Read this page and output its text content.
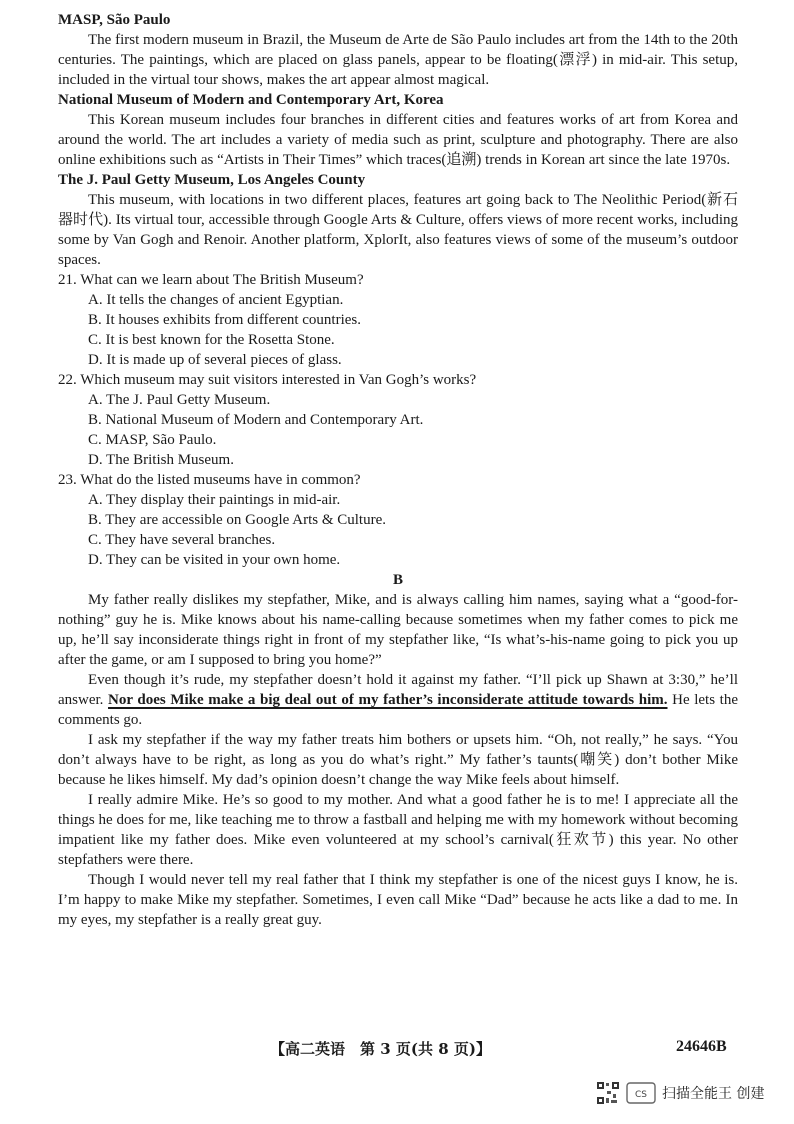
MASP, São Paulo

The first modern museum in Brazil, the Museum de Arte de São Paulo includes art from the 14th to the 20th centuries. The paintings, which are placed on glass panels, appear to be floating(漂浮) in mid-air. This setup, included in the virtual tour shows, makes the art appear almost magical.

National Museum of Modern and Contemporary Art, Korea

This Korean museum includes four branches in different cities and features works of art from Korea and around the world. The art includes a variety of media such as print, sculpture and photography. There are also online exhibitions such as “Artists in Their Times” which traces(追溯) trends in Korean art since the late 1970s.

The J. Paul Getty Museum, Los Angeles County

This museum, with locations in two different places, features art going back to The Neolithic Period(新石器时代). Its virtual tour, accessible through Google Arts & Culture, offers views of more recent works, including some by Van Gogh and Renoir. Another platform, XplorIt, also features views of some of the museum’s outdoor spaces.

21. What can we learn about The British Museum?

A. It tells the changes of ancient Egyptian.

B. It houses exhibits from different countries.

C. It is best known for the Rosetta Stone.

D. It is made up of several pieces of glass.

22. Which museum may suit visitors interested in Van Gogh’s works?

A. The J. Paul Getty Museum.

B. National Museum of Modern and Contemporary Art.

C. MASP, São Paulo.

D. The British Museum.

23. What do the listed museums have in common?

A. They display their paintings in mid-air.

B. They are accessible on Google Arts & Culture.

C. They have several branches.

D. They can be visited in your own home.

B

My father really dislikes my stepfather, Mike, and is always calling him names, saying what a “good-for-nothing” guy he is. Mike knows about his name-calling because sometimes when my father comes to pick me up, he’ll say inconsiderate things right in front of my stepfather like, “Is what’s-his-name going to pick you up after the game, or am I supposed to bring you home?”

Even though it’s rude, my stepfather doesn’t hold it against my father. “I’ll pick up Shawn at 3:30,” he’ll answer. Nor does Mike make a big deal out of my father’s inconsiderate attitude towards him. He lets the comments go.

I ask my stepfather if the way my father treats him bothers or upsets him. “Oh, not really,” he says. “You don’t always have to be right, as long as you do what’s right.” My father’s taunts(嘲笑) don’t bother Mike because he likes himself. My dad’s opinion doesn’t change the way Mike feels about himself.

I really admire Mike. He’s so good to my mother. And what a good father he is to me! I appreciate all the things he does for me, like teaching me to throw a fastball and helping me with my homework without becoming impatient like my father does. Mike even volunteered at my school’s carnival(狂欢节) this year. No other stepfathers were there.

Though I would never tell my real father that I think my stepfather is one of the nicest guys I know, he is. I’m happy to make Mike my stepfather. Sometimes, I even call Mike “Dad” because he acts like a dad to me. In my eyes, my stepfather is a really great guy.

【高二英语　第 3 页(共 8 页)】	24646B
CS 扫描全能王 创建
